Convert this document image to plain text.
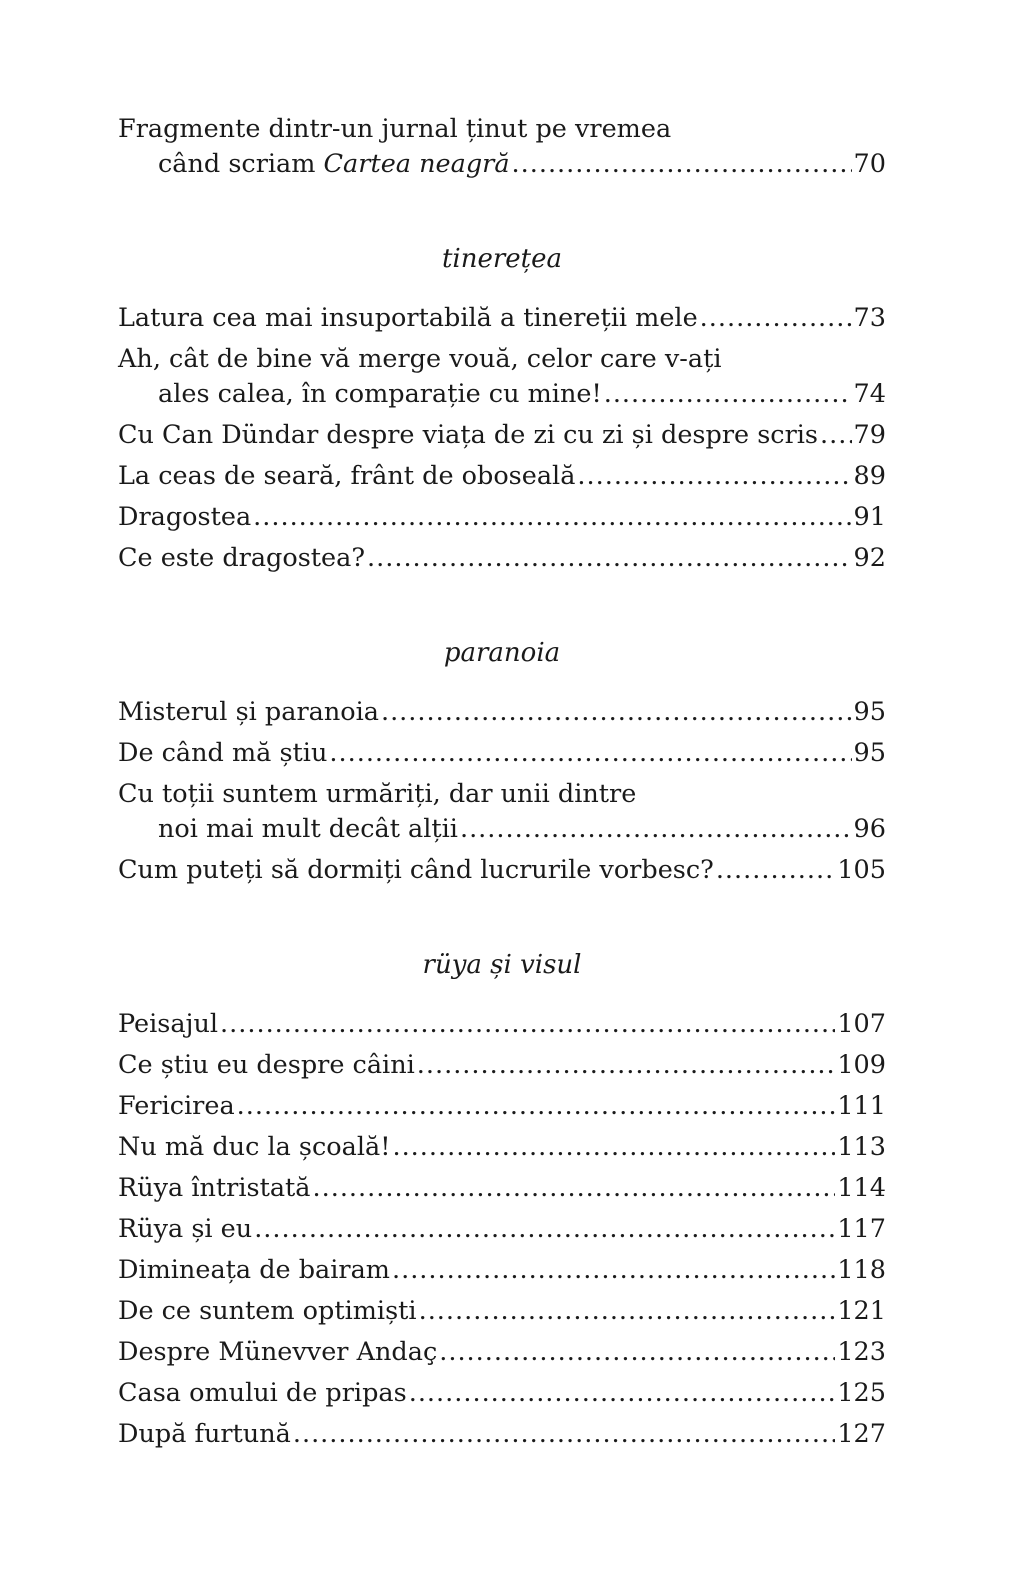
Fragmente dintr-un jurnal ținut pe vremea
când scriam Cartea neagră .....	70
tinerețea
Latura cea mai insuportabilă a tinereții mele .....	73
Ah, cât de bine vă merge vouă, celor care v-ați
ales calea, în comparație cu mine! .....	74
Cu Can Dündar despre viața de zi cu zi și despre scris ..... 79
La ceas de seară, frânt de oboseală .....	89
Dragostea .....	91
Ce este dragostea? .....	92
paranoia
Misterul și paranoia .....	95
De când mă știu .....	95
Cu toții suntem urmăriți, dar unii dintre
noi mai mult decât alții .....	96
Cum puteți să dormiți când lucrurile vorbesc? .....	105
rüya și visul
Peisajul .....	107
Ce știu eu despre câini .....	109
Fericirea .....	111
Nu mă duc la școală! .....	113
Rüya întristată .....	114
Rüya și eu .....	117
Dimineața de bairam .....	118
De ce suntem optimiști .....	121
Despre Münevver Andaç .....	123
Casa omului de pripas .....	125
După furtună .....	127
